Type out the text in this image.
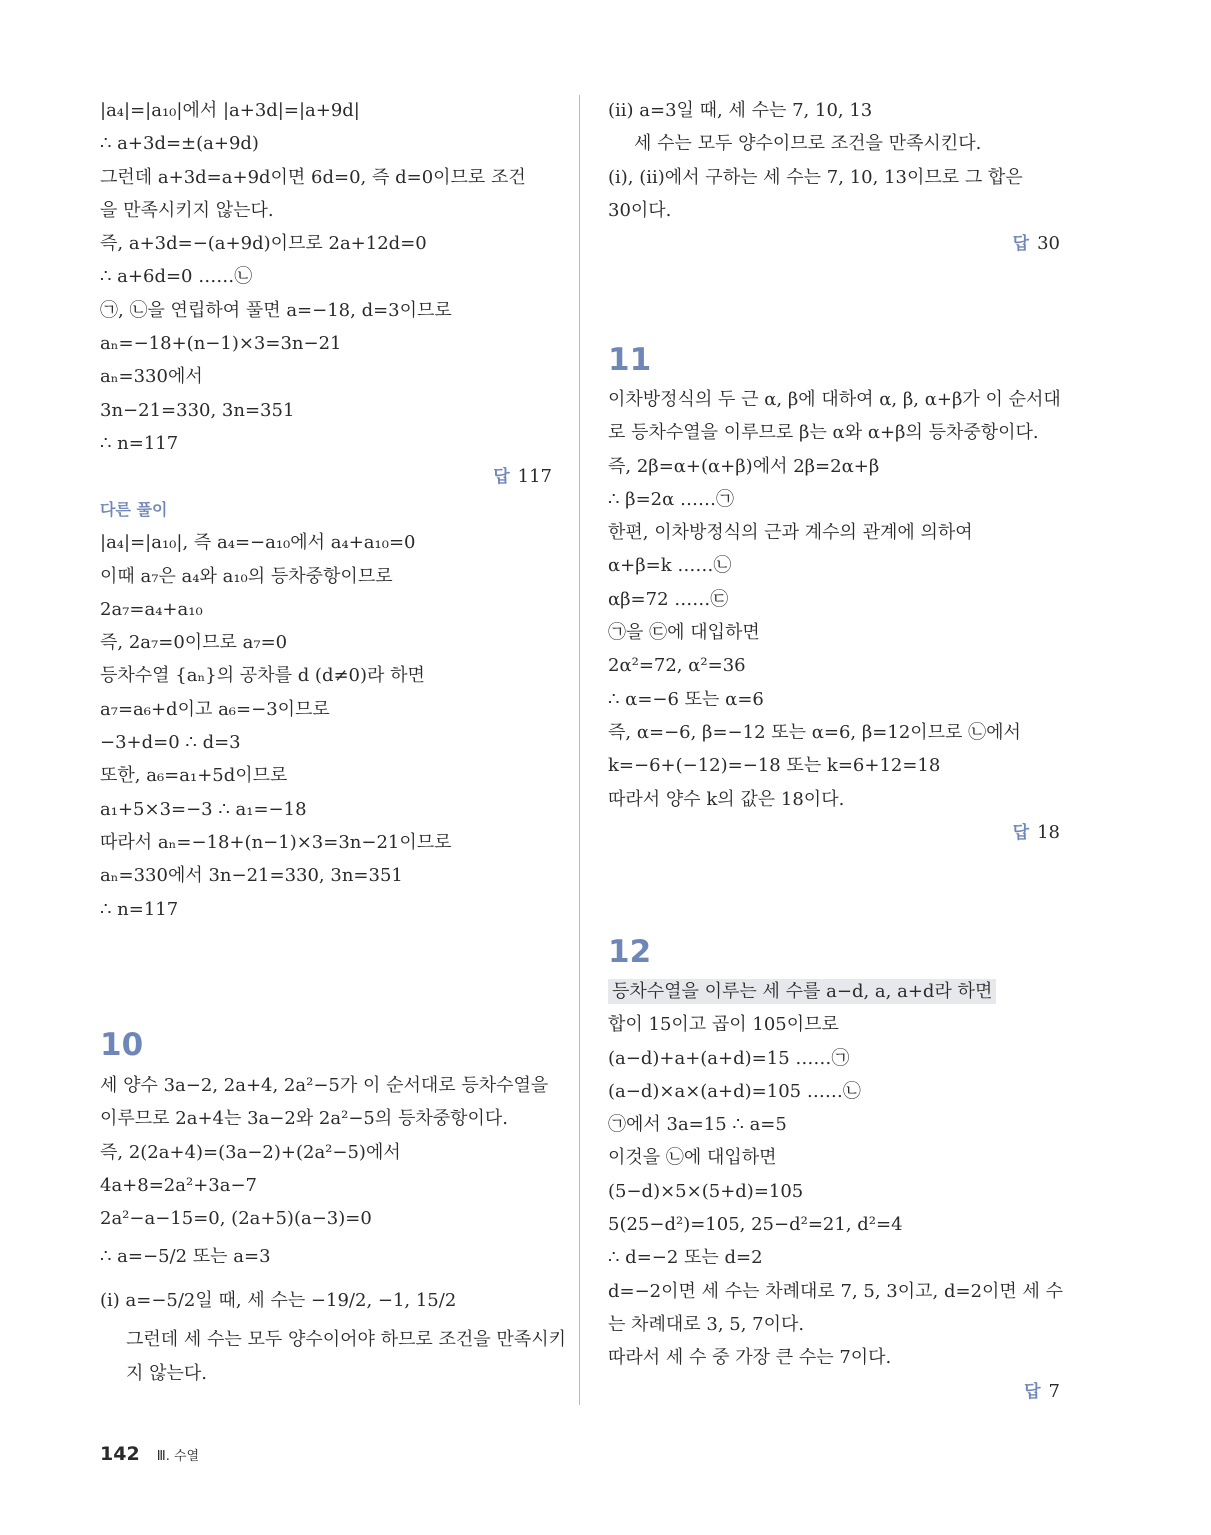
|a₄|=|a₁₀|에서 |a+3d|=|a+9d|
∴ a+3d=±(a+9d)
그런데 a+3d=a+9d이면 6d=0, 즉 d=0이므로 조건
을 만족시키지 않는다.
즉, a+3d=−(a+9d)이므로 2a+12d=0
∴ a+6d=0 ……㉡
㉠, ㉡을 연립하여 풀면 a=−18, d=3이므로
aₙ=−18+(n−1)×3=3n−21
aₙ=330에서
3n−21=330, 3n=351
∴ n=117
답 117
다른 풀이
|a₄|=|a₁₀|, 즉 a₄=−a₁₀에서 a₄+a₁₀=0
이때 a₇은 a₄와 a₁₀의 등차중항이므로
2a₇=a₄+a₁₀
즉, 2a₇=0이므로 a₇=0
등차수열 {aₙ}의 공차를 d (d≠0)라 하면
a₇=a₆+d이고 a₆=−3이므로
−3+d=0 ∴ d=3
또한, a₆=a₁+5d이므로
a₁+5×3=−3 ∴ a₁=−18
따라서 aₙ=−18+(n−1)×3=3n−21이므로
aₙ=330에서 3n−21=330, 3n=351
∴ n=117
10
세 양수 3a−2, 2a+4, 2a²−5가 이 순서대로 등차수열을
이루므로 2a+4는 3a−2와 2a²−5의 등차중항이다.
즉, 2(2a+4)=(3a−2)+(2a²−5)에서
4a+8=2a²+3a−7
2a²−a−15=0, (2a+5)(a−3)=0
∴ a=−5/2 또는 a=3
(i) a=−5/2일 때, 세 수는 −19/2, −1, 15/2
그런데 세 수는 모두 양수이어야 하므로 조건을 만족시키
지 않는다.
(ii) a=3일 때, 세 수는 7, 10, 13
세 수는 모두 양수이므로 조건을 만족시킨다.
(i), (ii)에서 구하는 세 수는 7, 10, 13이므로 그 합은
30이다.
답 30
11
이차방정식의 두 근 α, β에 대하여 α, β, α+β가 이 순서대
로 등차수열을 이루므로 β는 α와 α+β의 등차중항이다.
즉, 2β=α+(α+β)에서 2β=2α+β
∴ β=2α ……㉠
한편, 이차방정식의 근과 계수의 관계에 의하여
α+β=k ……㉡
αβ=72 ……㉢
㉠을 ㉢에 대입하면
2α²=72, α²=36
∴ α=−6 또는 α=6
즉, α=−6, β=−12 또는 α=6, β=12이므로 ㉡에서
k=−6+(−12)=−18 또는 k=6+12=18
따라서 양수 k의 값은 18이다.
답 18
12
등차수열을 이루는 세 수를 a−d, a, a+d라 하면
합이 15이고 곱이 105이므로
(a−d)+a+(a+d)=15 ……㉠
(a−d)×a×(a+d)=105 ……㉡
㉠에서 3a=15 ∴ a=5
이것을 ㉡에 대입하면
(5−d)×5×(5+d)=105
5(25−d²)=105, 25−d²=21, d²=4
∴ d=−2 또는 d=2
d=−2이면 세 수는 차례대로 7, 5, 3이고, d=2이면 세 수
는 차례대로 3, 5, 7이다.
따라서 세 수 중 가장 큰 수는 7이다.
답 7
142 Ⅲ. 수열
